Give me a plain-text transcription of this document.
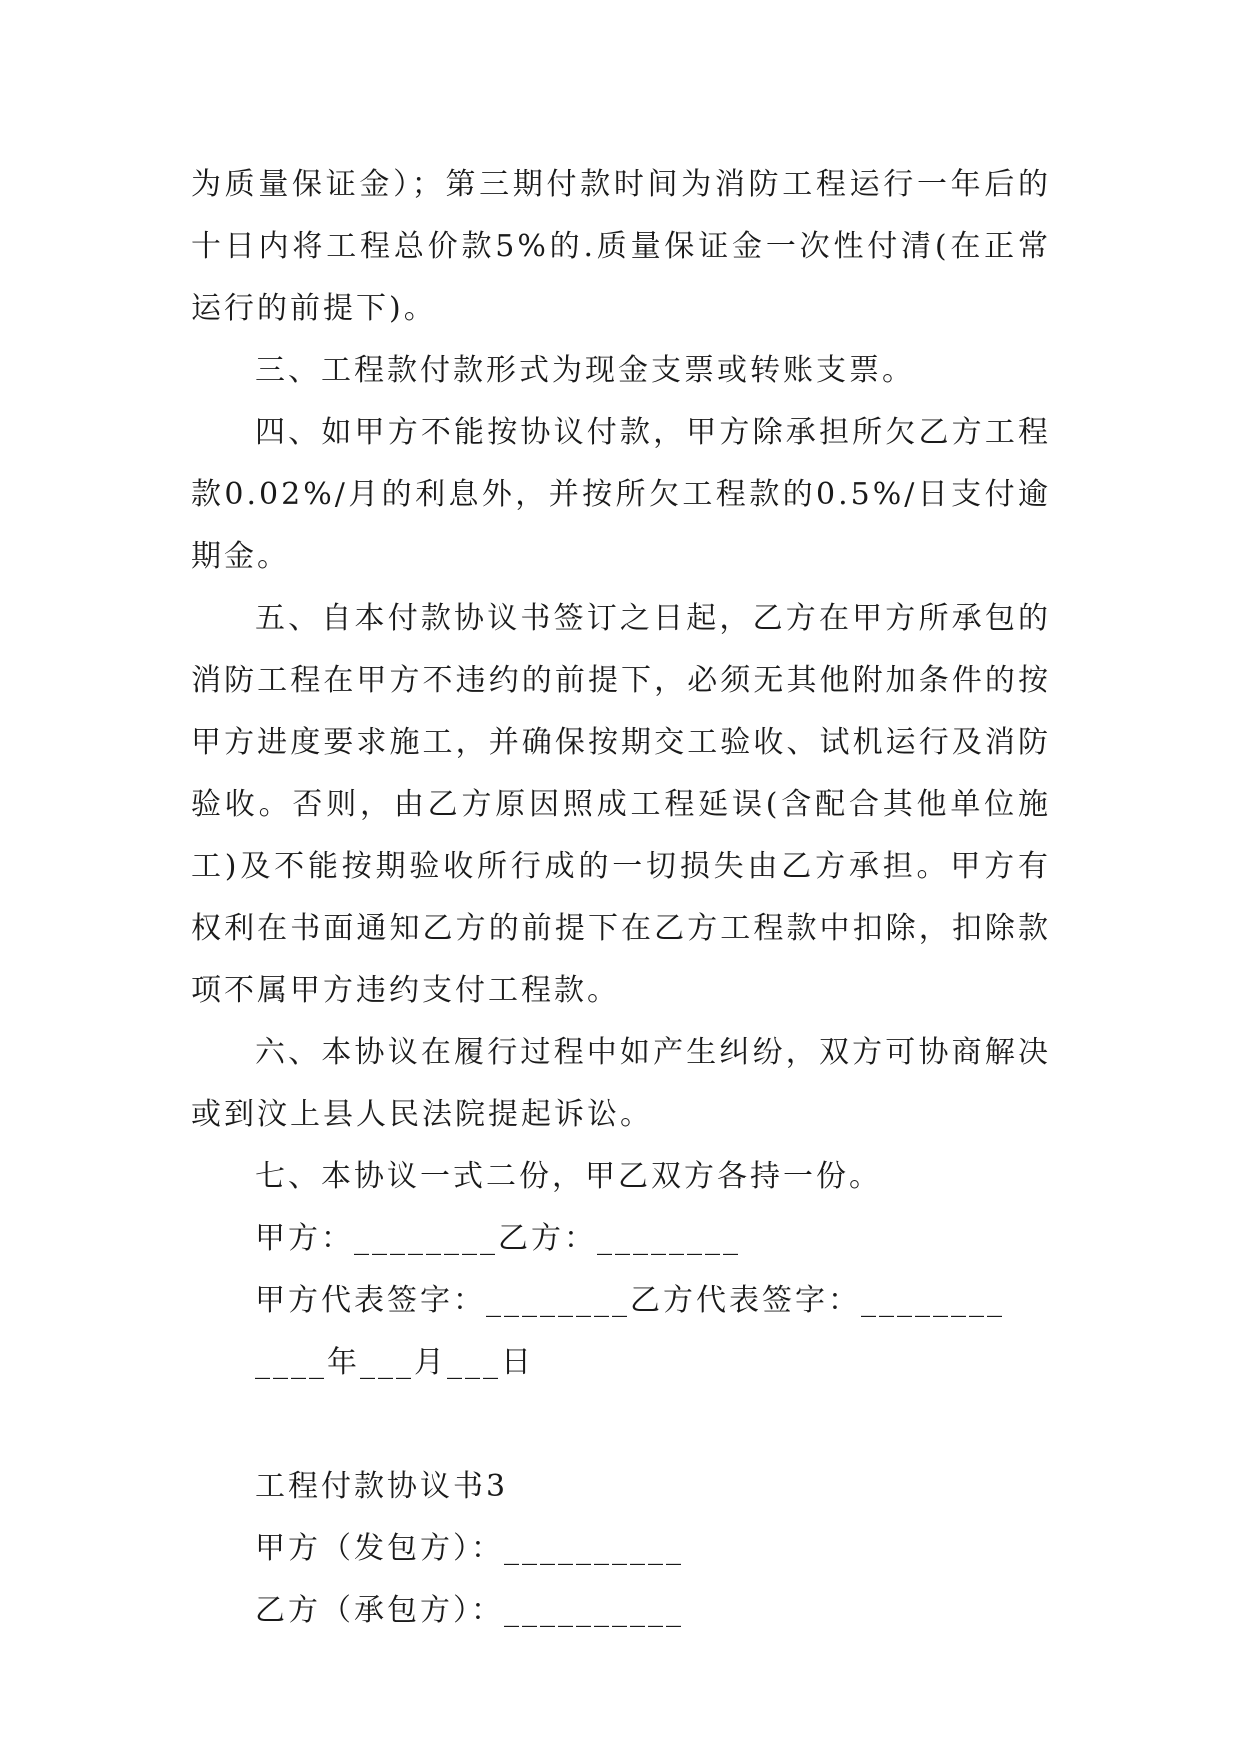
为质量保证金）；第三期付款时间为消防工程运行一年后的十日内将工程总价款5%的.质量保证金一次性付清(在正常运行的前提下)。

三、工程款付款形式为现金支票或转账支票。

四、如甲方不能按协议付款，甲方除承担所欠乙方工程款0.02%/月的利息外，并按所欠工程款的0.5%/日支付逾期金。

五、自本付款协议书签订之日起，乙方在甲方所承包的消防工程在甲方不违约的前提下，必须无其他附加条件的按甲方进度要求施工，并确保按期交工验收、试机运行及消防验收。否则，由乙方原因照成工程延误(含配合其他单位施工)及不能按期验收所行成的一切损失由乙方承担。甲方有权利在书面通知乙方的前提下在乙方工程款中扣除，扣除款项不属甲方违约支付工程款。

六、本协议在履行过程中如产生纠纷，双方可协商解决或到汶上县人民法院提起诉讼。

七、本协议一式二份，甲乙双方各持一份。

甲方：________乙方：________

甲方代表签字：________乙方代表签字：________

____年___月___日

工程付款协议书3

甲方（发包方）：__________

乙方（承包方）：__________
